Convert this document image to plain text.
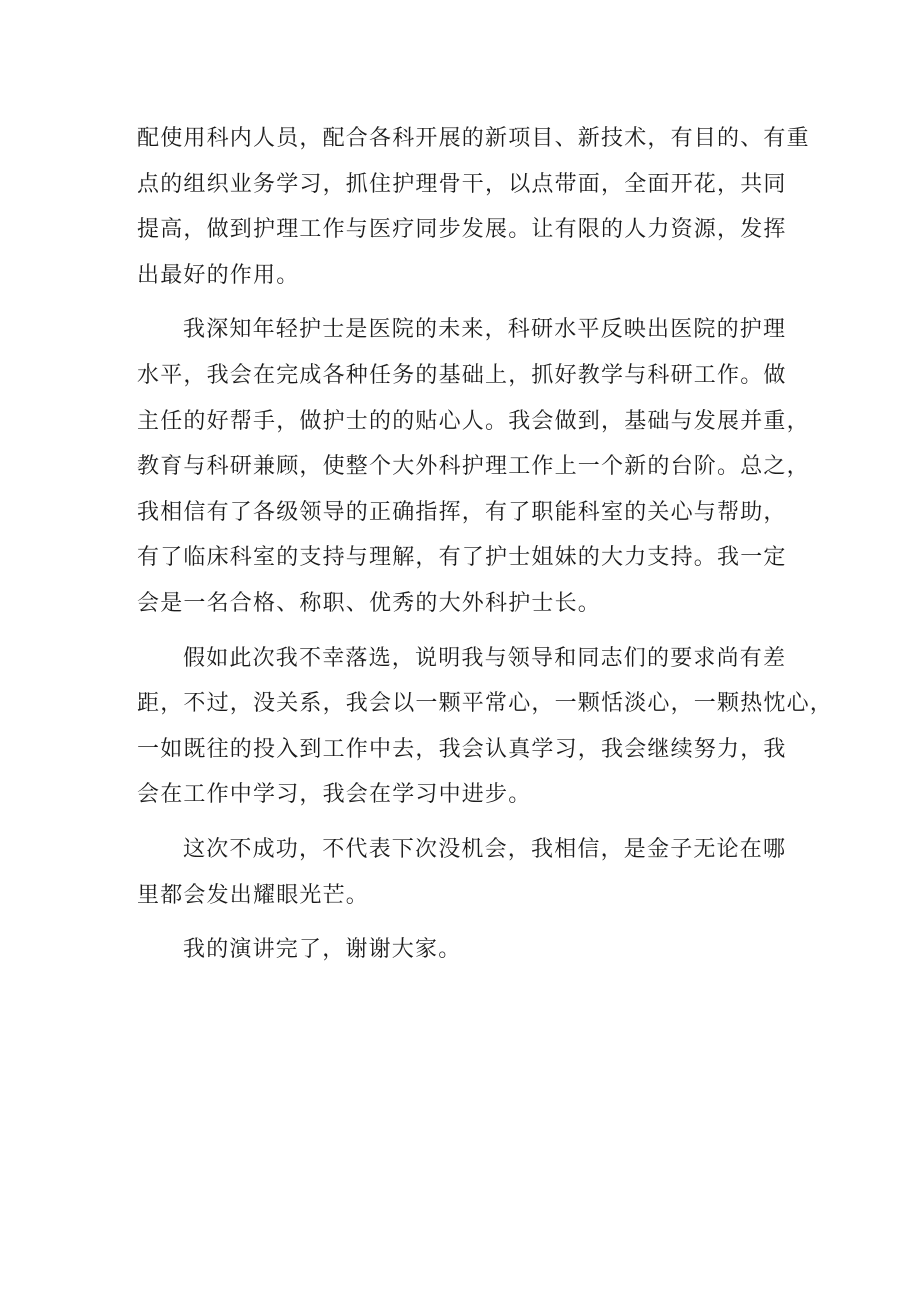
配使用科内人员，配合各科开展的新项目、新技术，有目的、有重
点的组织业务学习，抓住护理骨干，以点带面，全面开花，共同
提高，做到护理工作与医疗同步发展。让有限的人力资源，发挥
出最好的作用。
我深知年轻护士是医院的未来，科研水平反映出医院的护理
水平，我会在完成各种任务的基础上，抓好教学与科研工作。做
主任的好帮手，做护士的的贴心人。我会做到，基础与发展并重，
教育与科研兼顾，使整个大外科护理工作上一个新的台阶。总之，
我相信有了各级领导的正确指挥，有了职能科室的关心与帮助，
有了临床科室的支持与理解，有了护士姐妹的大力支持。我一定
会是一名合格、称职、优秀的大外科护士长。
假如此次我不幸落选，说明我与领导和同志们的要求尚有差
距，不过，没关系，我会以一颗平常心，一颗恬淡心，一颗热忱心，
一如既往的投入到工作中去，我会认真学习，我会继续努力，我
会在工作中学习，我会在学习中进步。
这次不成功，不代表下次没机会，我相信，是金子无论在哪
里都会发出耀眼光芒。
我的演讲完了，谢谢大家。
